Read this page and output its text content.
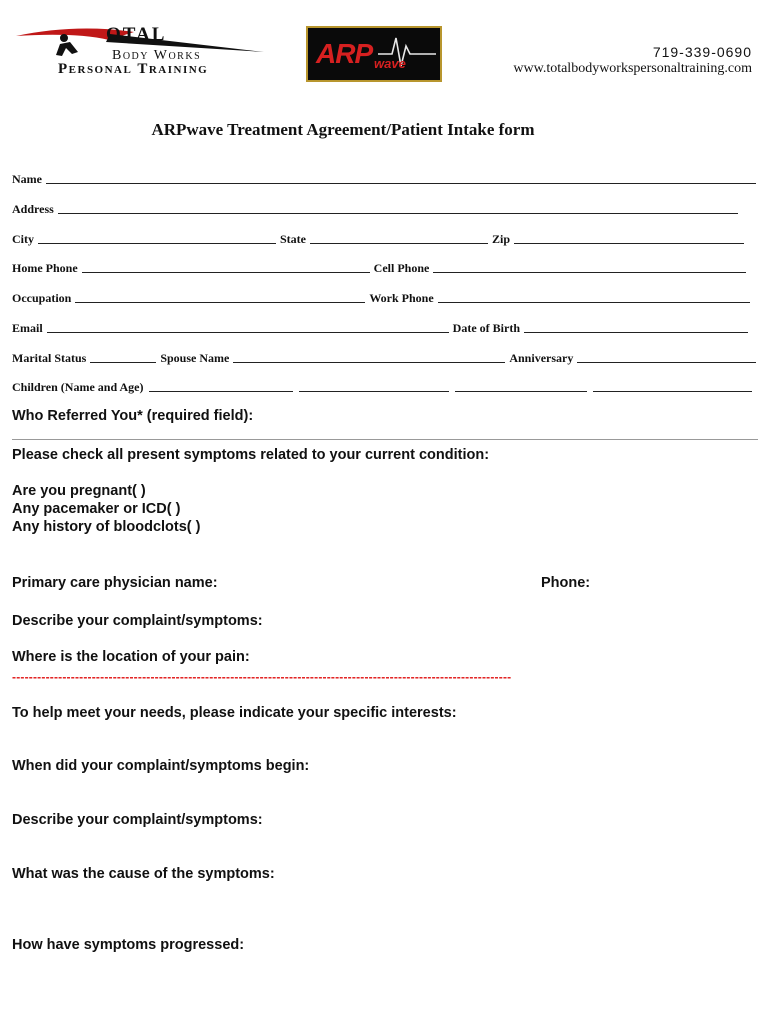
OTAL
Body Works
Personal Training	ARP wave
719-339-0690
www.totalbodyworkspersonaltraining.com
ARPwave Treatment Agreement/Patient Intake form
Name
Address
City	State	Zip
Home Phone	Cell Phone
Occupation	Work Phone
Email	Date of Birth
Marital Status	Spouse Name	Anniversary
Children (Name and Age)
Who Referred You* (required field):
Please check all present symptoms related to your current condition:
Are you pregnant( )
Any pacemaker or ICD( )
Any history of bloodclots( )
Primary care physician name:	Phone:
Describe your complaint/symptoms:
Where is the location of your pain:
-----------------------------------------------------------------------------------------------------------------------
To help meet your needs, please indicate your specific interests:
When did your complaint/symptoms begin:
Describe your complaint/symptoms:
What was the cause of the symptoms:
How have symptoms progressed:
